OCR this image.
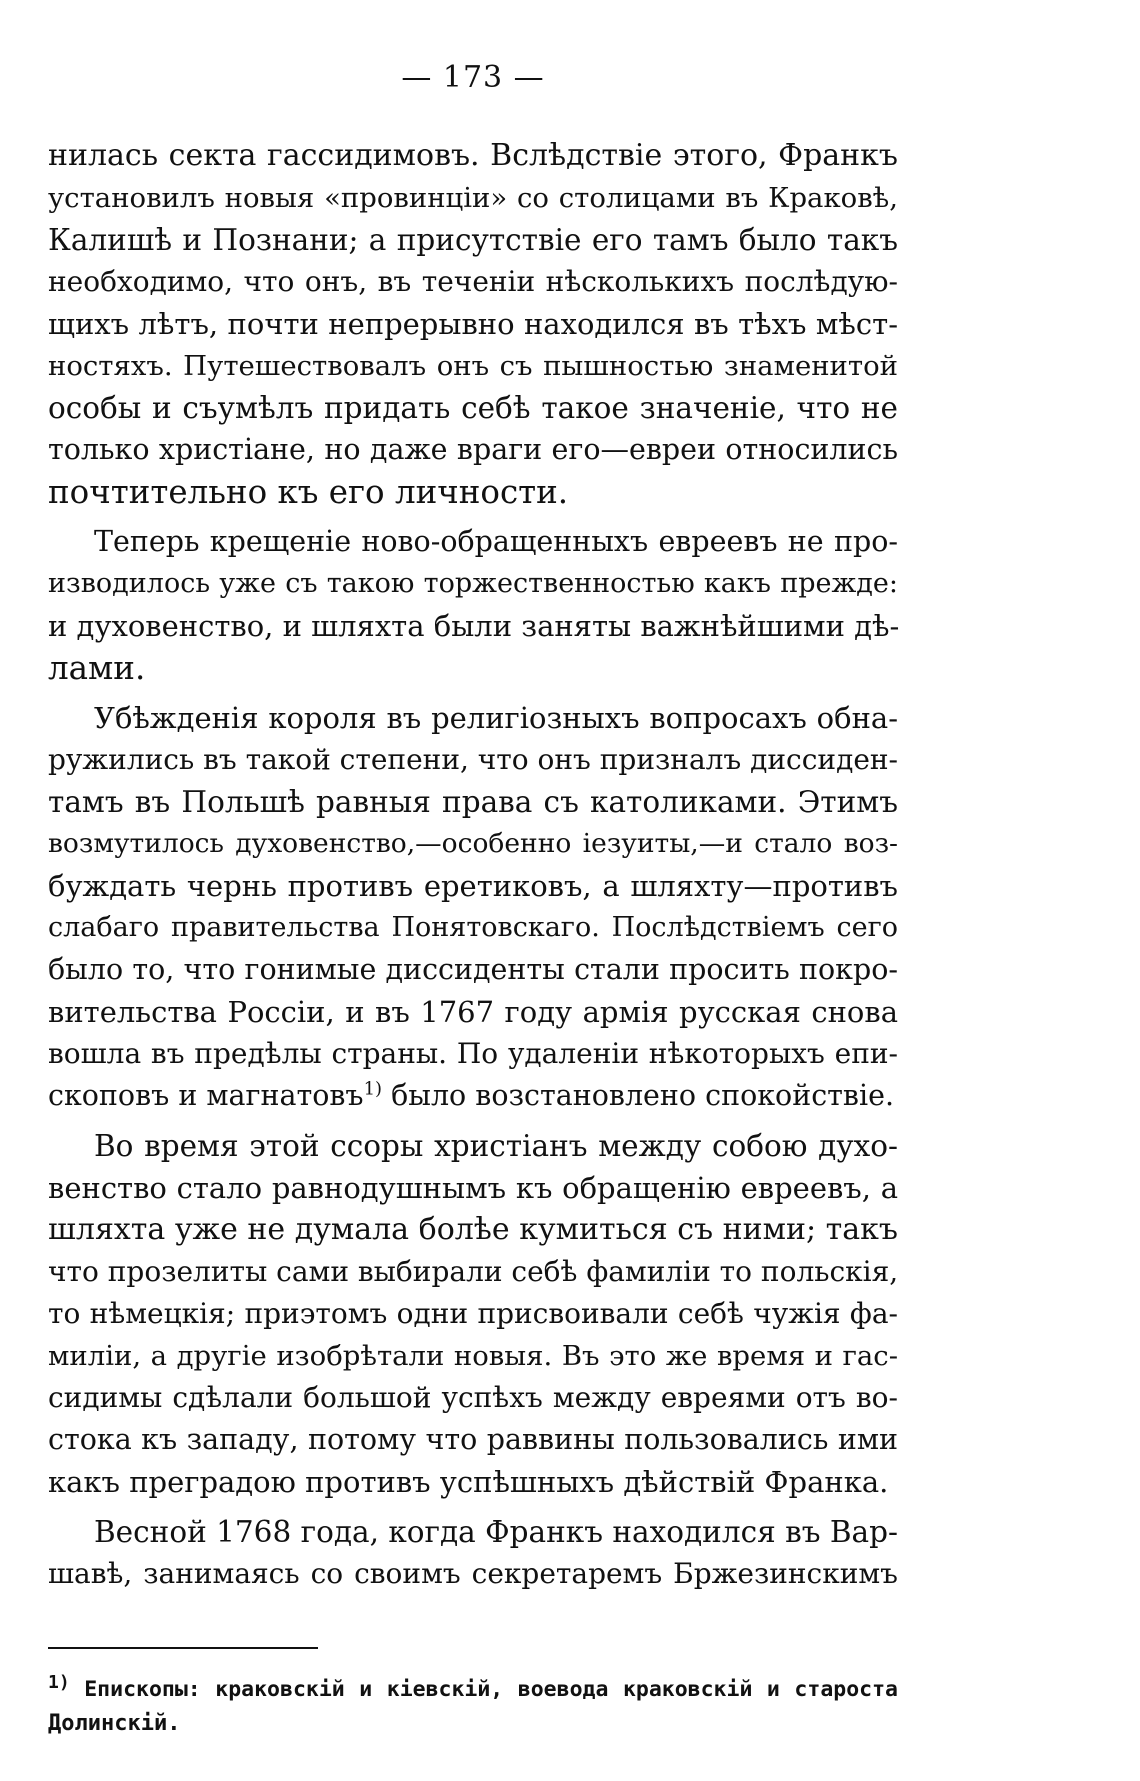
— 173 —
нилась секта гассидимовъ. Вслѣдствіе этого, Франкъ
установилъ новыя «провинціи» со столицами въ Краковѣ,
Калишѣ и Познани; а присутствіе его тамъ было такъ
необходимо, что онъ, въ теченіи нѣсколькихъ послѣдую-
щихъ лѣтъ, почти непрерывно находился въ тѣхъ мѣст-
ностяхъ. Путешествовалъ онъ съ пышностью знаменитой
особы и съумѣлъ придать себѣ такое значеніе, что не
только христіане, но даже враги его—евреи относились
почтительно къ его личности.
Теперь крещеніе ново-обращенныхъ евреевъ не про-
изводилось уже съ такою торжественностью какъ прежде:
и духовенство, и шляхта были заняты важнѣйшими дѣ-
лами.
Убѣжденія короля въ религіозныхъ вопросахъ обна-
ружились въ такой степени, что онъ призналъ диссиден-
тамъ въ Польшѣ равныя права съ католиками. Этимъ
возмутилось духовенство,—особенно іезуиты,—и стало воз-
буждать чернь противъ еретиковъ, а шляхту—противъ
слабаго правительства Понятовскаго. Послѣдствіемъ сего
было то, что гонимые диссиденты стали просить покро-
вительства Россіи, и въ 1767 году армія русская снова
вошла въ предѣлы страны. По удаленіи нѣкоторыхъ епи-
скоповъ и магнатовъ$^{1)}$ было возстановлено спокойствіе.
Во время этой ссоры христіанъ между собою духо-
венство стало равнодушнымъ къ обращенію евреевъ, а
шляхта уже не думала болѣе кумиться съ ними; такъ
что прозелиты сами выбирали себѣ фамиліи то польскія,
то нѣмецкія; приэтомъ одни присвоивали себѣ чужія фа-
миліи, а другіе изобрѣтали новыя. Въ это же время и гас-
сидимы сдѣлали большой успѣхъ между евреями отъ во-
стока къ западу, потому что раввины пользовались ими
какъ преградою противъ успѣшныхъ дѣйствій Франка.
Весной 1768 года, когда Франкъ находился въ Вар-
шавѣ, занимаясь со своимъ секретаремъ Бржезинскимъ
$^{1)}$ Епископы: краковскій и кіевскій, воевода краковскій и староста
Долинскій.
